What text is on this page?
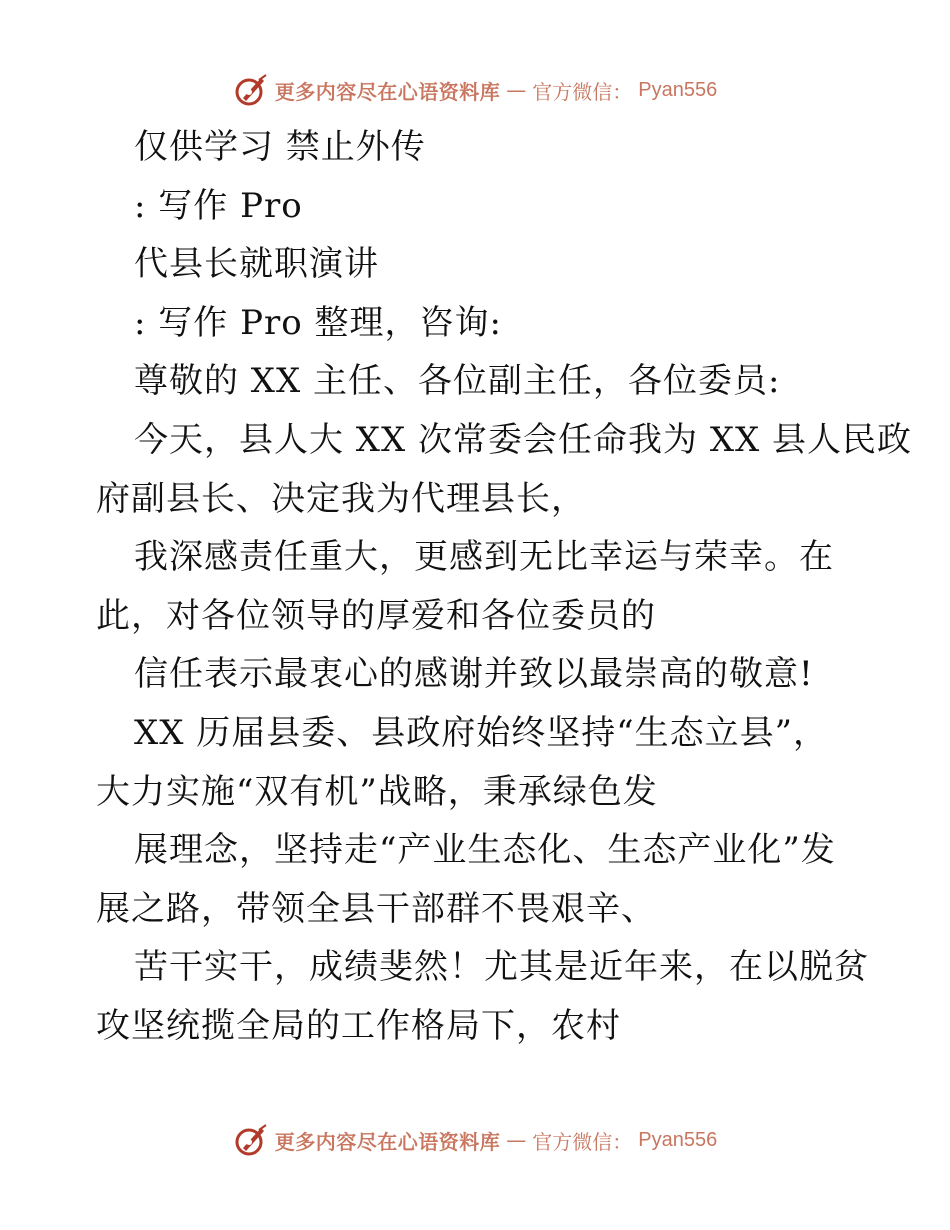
更多内容尽在心语资料库 — 官方微信： Pyan556
仅供学习 禁止外传
: 写作 Pro
代县长就职演讲
: 写作 Pro 整理，咨询:
尊敬的 XX 主任、各位副主任，各位委员:
今天，县人大 XX 次常委会任命我为 XX 县人民政
府副县长、决定我为代理县长，
我深感责任重大，更感到无比幸运与荣幸。在
此，对各位领导的厚爱和各位委员的
信任表示最衷心的感谢并致以最崇高的敬意!
XX 历届县委、县政府始终坚持“生态立县”，
大力实施“双有机”战略，秉承绿色发
展理念，坚持走“产业生态化、生态产业化”发
展之路，带领全县干部群不畏艰辛、
苦干实干，成绩斐然！尤其是近年来，在以脱贫
攻坚统揽全局的工作格局下，农村
更多内容尽在心语资料库 — 官方微信： Pyan556
